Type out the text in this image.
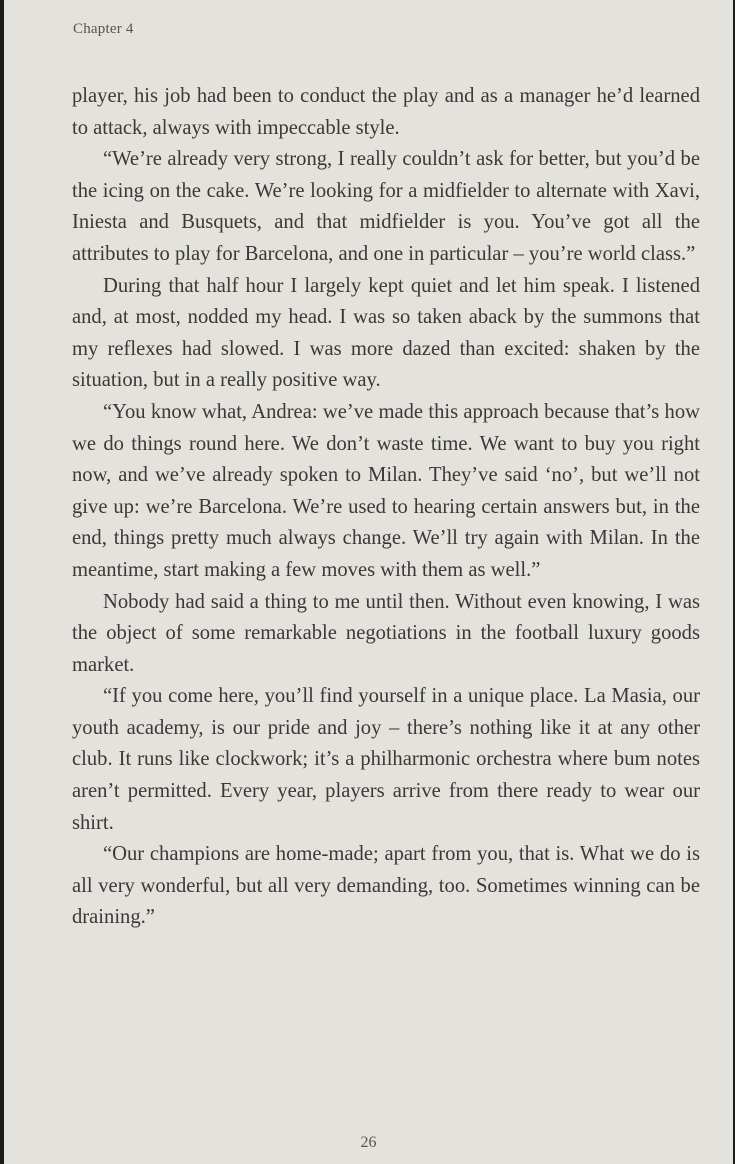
Chapter 4

player, his job had been to conduct the play and as a manager he’d learned to attack, always with impeccable style.

“We’re already very strong, I really couldn’t ask for better, but you’d be the icing on the cake. We’re looking for a midfielder to alternate with Xavi, Iniesta and Busquets, and that midfielder is you. You’ve got all the attributes to play for Barcelona, and one in particular – you’re world class.”

During that half hour I largely kept quiet and let him speak. I listened and, at most, nodded my head. I was so taken aback by the summons that my reflexes had slowed. I was more dazed than excited: shaken by the situation, but in a really positive way.

“You know what, Andrea: we’ve made this approach because that’s how we do things round here. We don’t waste time. We want to buy you right now, and we’ve already spoken to Milan. They’ve said ‘no’, but we’ll not give up: we’re Barcelona. We’re used to hearing certain answers but, in the end, things pretty much always change. We’ll try again with Milan. In the meantime, start making a few moves with them as well.”

Nobody had said a thing to me until then. Without even knowing, I was the object of some remarkable negotiations in the football luxury goods market.

“If you come here, you’ll find yourself in a unique place. La Masia, our youth academy, is our pride and joy – there’s nothing like it at any other club. It runs like clockwork; it’s a philharmonic orchestra where bum notes aren’t permitted. Every year, players arrive from there ready to wear our shirt.

“Our champions are home-made; apart from you, that is. What we do is all very wonderful, but all very demanding, too. Sometimes winning can be draining.”

26
